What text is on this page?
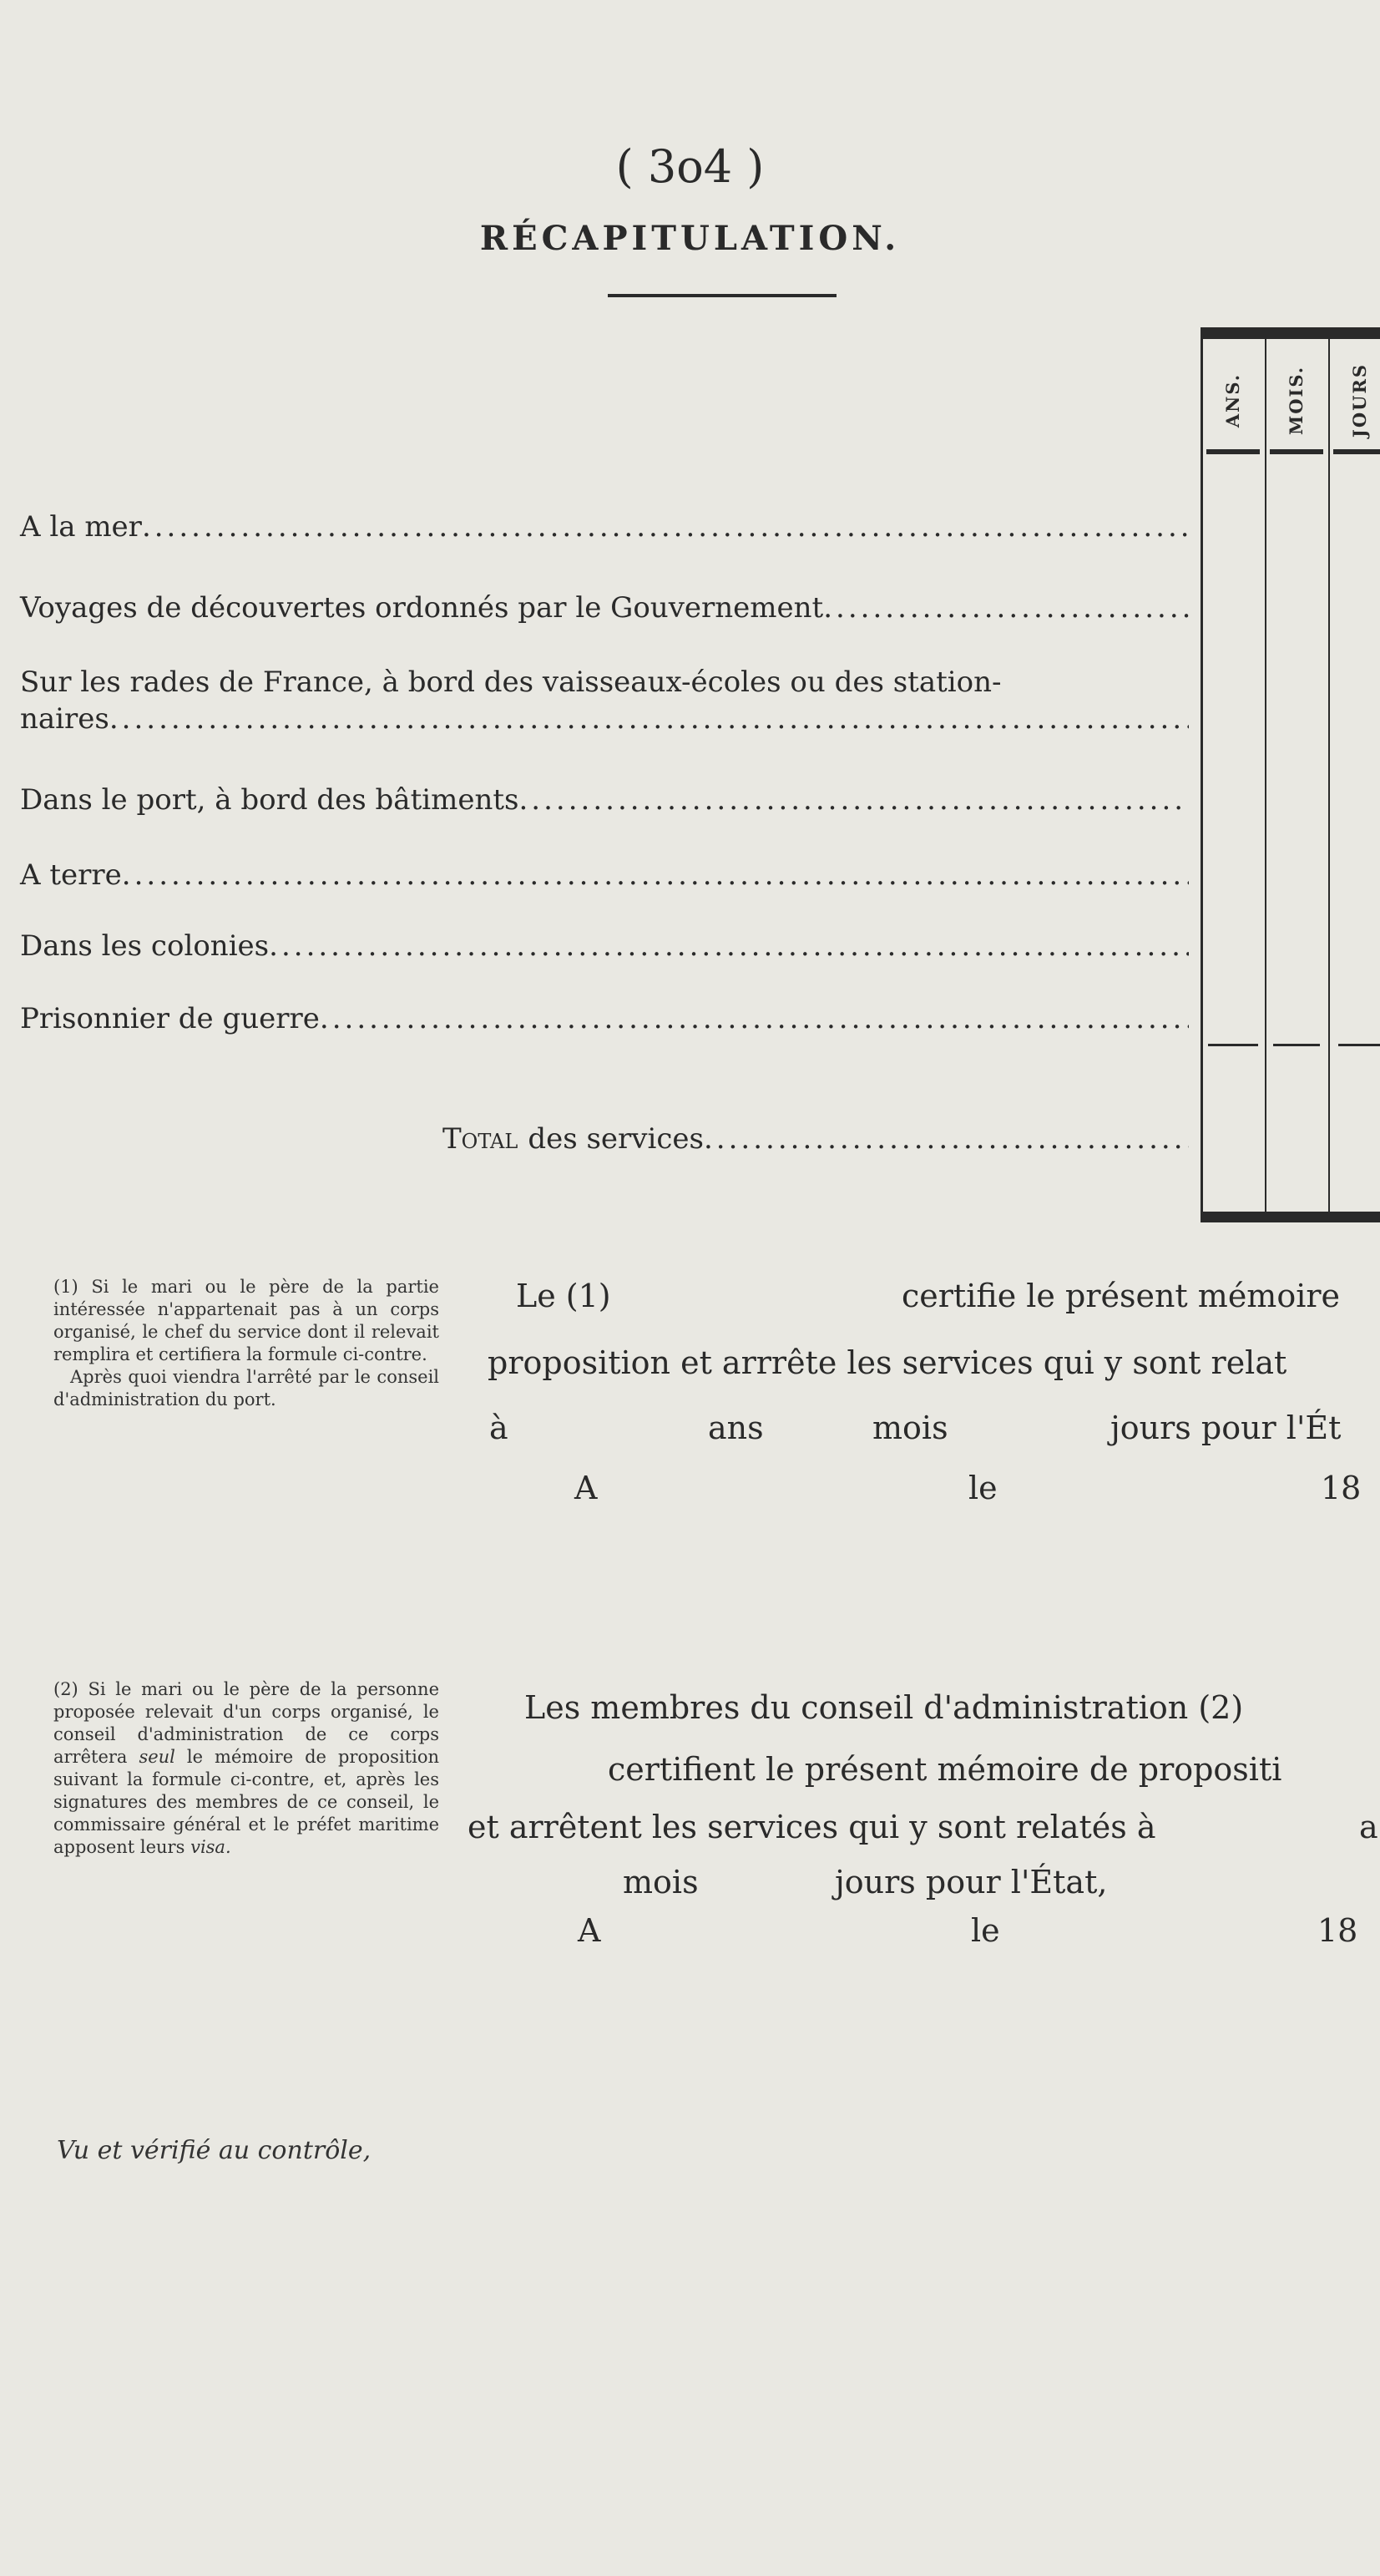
( 3o4 )
RÉCAPITULATION.
ANS. MOIS. JOURS
A la mer
.....
Voyages de découvertes ordonnés par le Gouvernement
.....
Sur les rades de France, à bord des vaisseaux-écoles ou des station-
naires
.....
Dans le port, à bord des bâtiments
.....
A terre
.....
Dans les colonies
.....
Prisonnier de guerre
.....
Total des services
.....

(1) Si le mari ou le père de la partie intéressée n'appartenait pas à un corps organisé, le chef du service dont il relevait remplira et certifiera la formule ci-contre.

Après quoi viendra l'arrêté par le conseil d'administration du port.

Le (1)	certifie le présent mémoire
proposition et arrrête les services qui y sont relat
à	ans	mois	jours pour l'Ét
A	le	18

(2) Si le mari ou le père de la personne proposée relevait d'un corps organisé, le conseil d'administration de ce corps arrêtera seul le mémoire de proposition suivant la formule ci-contre, et, après les signatures des membres de ce conseil, le commissaire général et le préfet maritime apposent leurs visa.

Les membres du conseil d'administration (2)
certifient le présent mémoire de propositi
et arrêtent les services qui y sont relatés à	a
mois	jours pour l'État,
A	le	18
Vu et vérifié au contrôle,
